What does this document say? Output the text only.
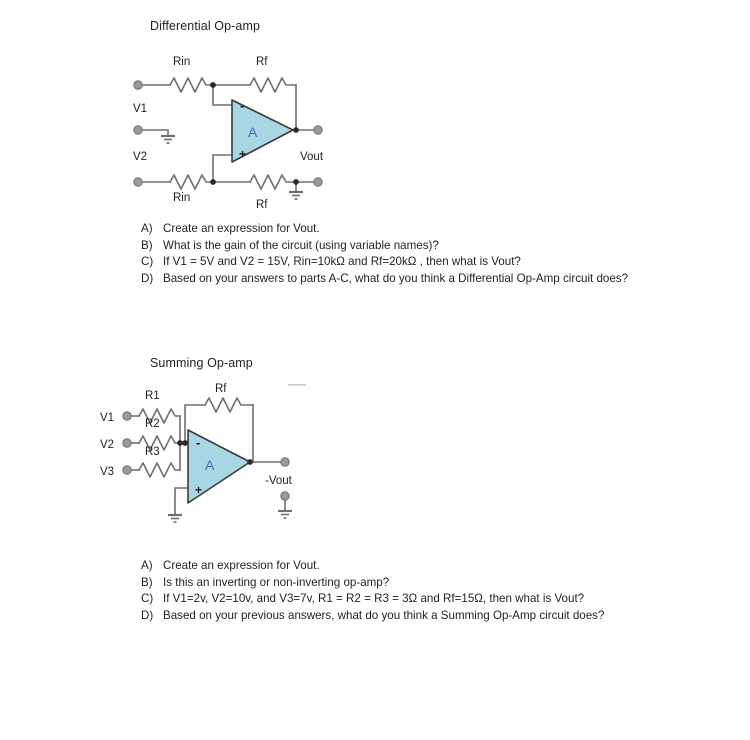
Differential Op-amp
-
+
A
Rin	Rf
Rin
Rf
V1
V2	Vout
A) Create an expression for Vout.
B) What is the gain of the circuit (using variable names)?
C) If V1 = 5V and V2 = 15V, Rin=10kΩ and Rf=20kΩ , then what is Vout?
D) Based on your answers to parts A-C, what do you think a Differential Op-Amp circuit does?
Summing Op-amp
-
+
A
R1
R2
R3
Rf
V1
V2
V3
-Vout
A) Create an expression for Vout.
B) Is this an inverting or non-inverting op-amp?
C) If V1=2v, V2=10v, and V3=7v, R1 = R2 = R3 = 3Ω and Rf=15Ω, then what is Vout?
D) Based on your previous answers, what do you think a Summing Op-Amp circuit does?
